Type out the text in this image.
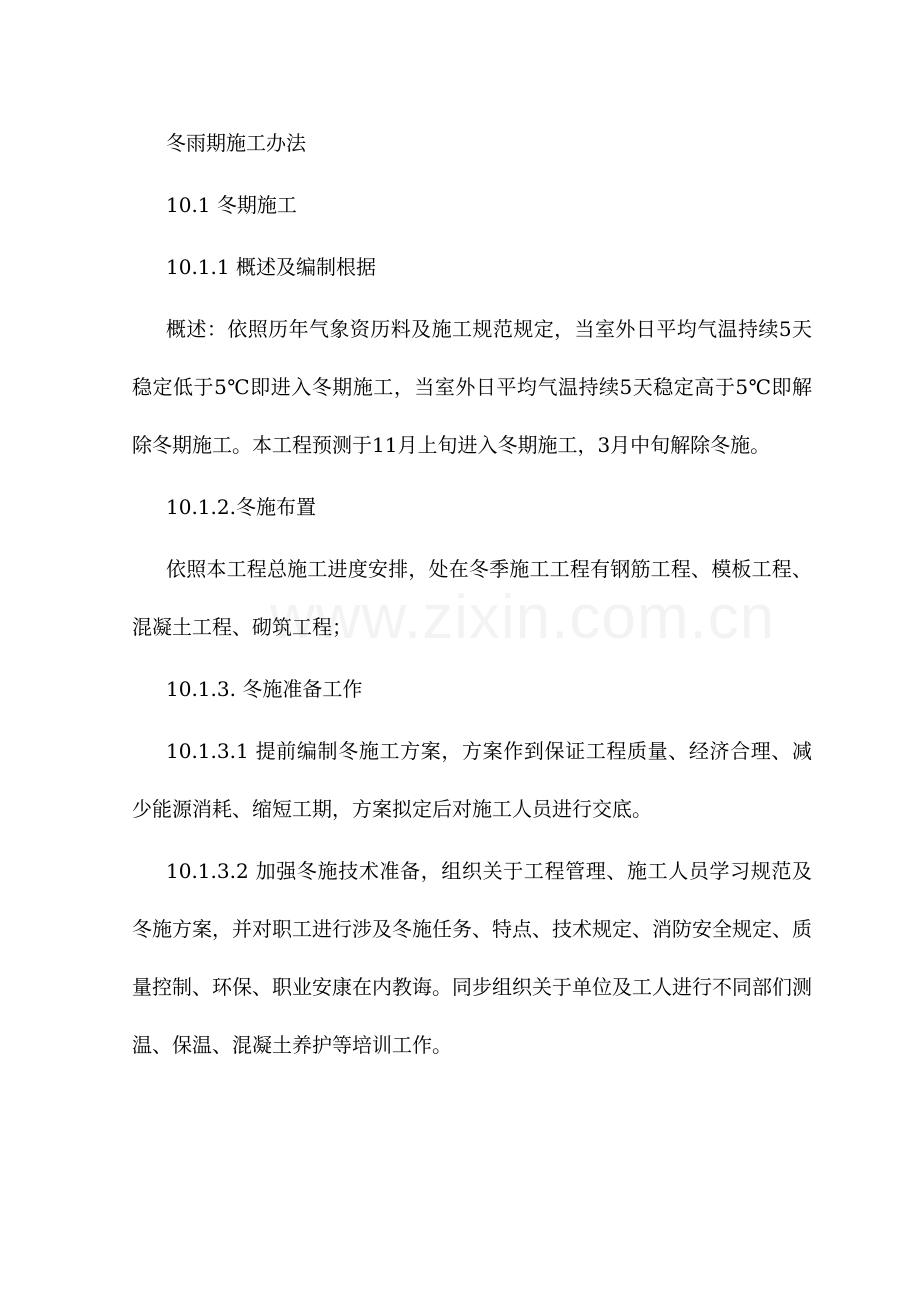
冬雨期施工办法

10.1 冬期施工

10.1.1 概述及编制根据

概述：依照历年气象资历料及施工规范规定，当室外日平均气温持续5天稳定低于5℃即进入冬期施工，当室外日平均气温持续5天稳定高于5℃即解除冬期施工。本工程预测于11月上旬进入冬期施工，3月中旬解除冬施。

10.1.2.冬施布置

依照本工程总施工进度安排，处在冬季施工工程有钢筋工程、模板工程、混凝土工程、砌筑工程；

10.1.3. 冬施准备工作

10.1.3.1 提前编制冬施工方案，方案作到保证工程质量、经济合理、减少能源消耗、缩短工期，方案拟定后对施工人员进行交底。

10.1.3.2 加强冬施技术准备，组织关于工程管理、施工人员学习规范及冬施方案，并对职工进行涉及冬施任务、特点、技术规定、消防安全规定、质量控制、环保、职业安康在内教诲。同步组织关于单位及工人进行不同部们测温、保温、混凝土养护等培训工作。
